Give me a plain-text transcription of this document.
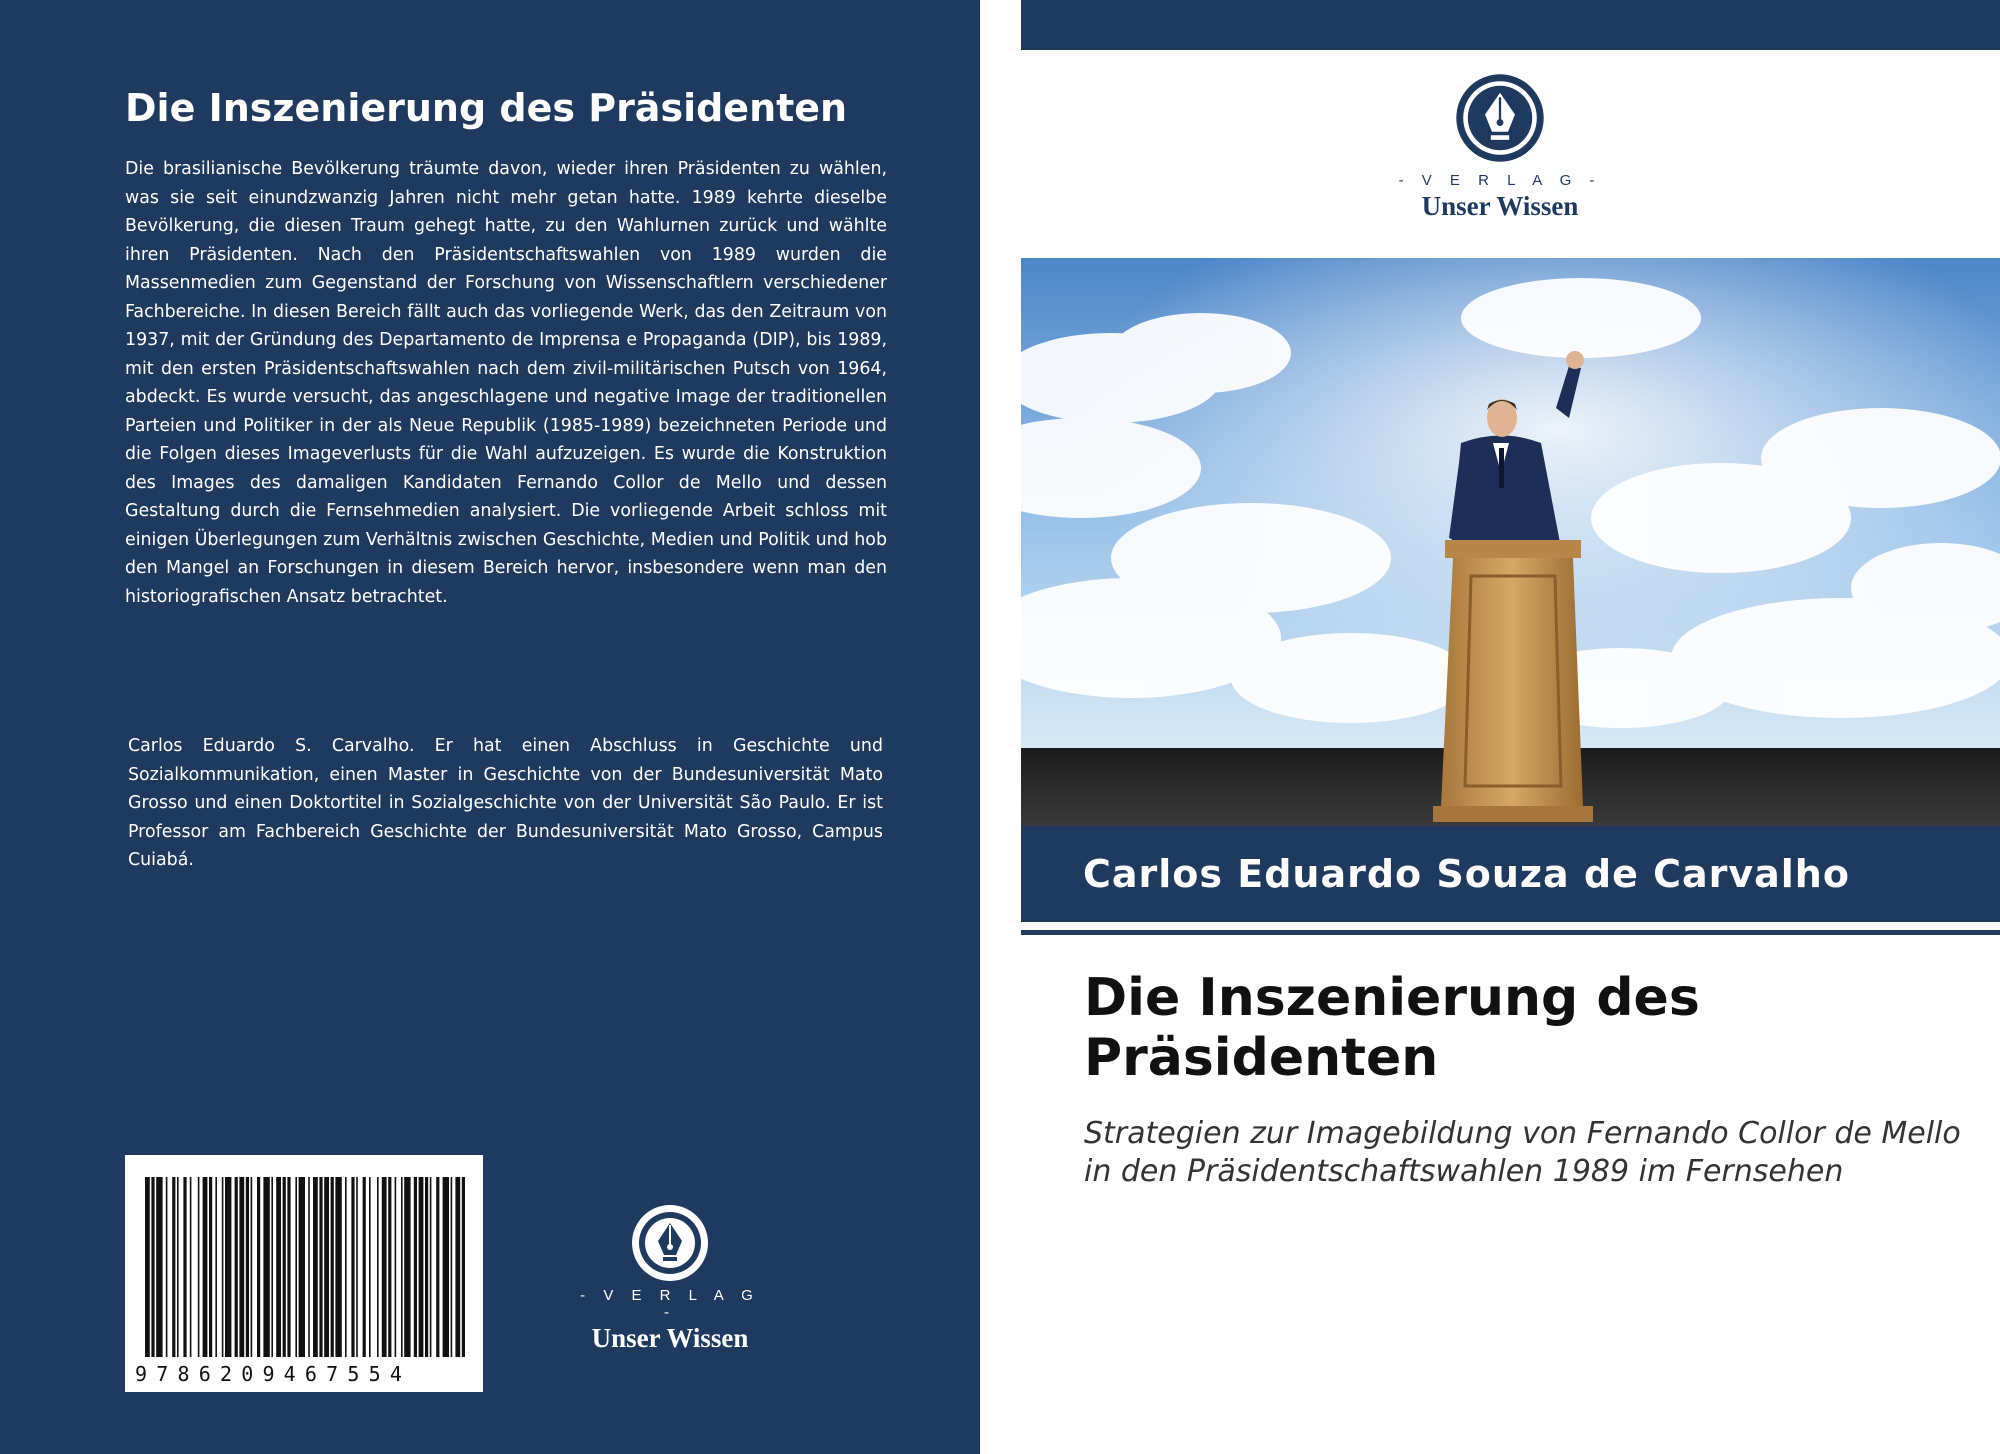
Die Inszenierung des Präsidenten

Die brasilianische Bevölkerung träumte davon, wieder ihren Präsidenten zu wählen, was sie seit einundzwanzig Jahren nicht mehr getan hatte. 1989 kehrte dieselbe Bevölkerung, die diesen Traum gehegt hatte, zu den Wahlurnen zurück und wählte ihren Präsidenten. Nach den Präsidentschaftswahlen von 1989 wurden die Massenmedien zum Gegenstand der Forschung von Wissenschaftlern verschiedener Fachbereiche. In diesen Bereich fällt auch das vorliegende Werk, das den Zeitraum von 1937, mit der Gründung des Departamento de Imprensa e Propaganda (DIP), bis 1989, mit den ersten Präsidentschaftswahlen nach dem zivil-militärischen Putsch von 1964, abdeckt. Es wurde versucht, das angeschlagene und negative Image der traditionellen Parteien und Politiker in der als Neue Republik (1985-1989) bezeichneten Periode und die Folgen dieses Imageverlusts für die Wahl aufzuzeigen. Es wurde die Konstruktion des Images des damaligen Kandidaten Fernando Collor de Mello und dessen Gestaltung durch die Fernsehmedien analysiert. Die vorliegende Arbeit schloss mit einigen Überlegungen zum Verhältnis zwischen Geschichte, Medien und Politik und hob den Mangel an Forschungen in diesem Bereich hervor, insbesondere wenn man den historiografischen Ansatz betrachtet.

Carlos Eduardo S. Carvalho. Er hat einen Abschluss in Geschichte und Sozialkommunikation, einen Master in Geschichte von der Bundesuniversität Mato Grosso und einen Doktortitel in Sozialgeschichte von der Universität São Paulo. Er ist Professor am Fachbereich Geschichte der Bundesuniversität Mato Grosso, Campus Cuiabá.

9786209467554
- V E R L A G -
Unser Wissen
- V E R L A G -
Unser Wissen
Carlos Eduardo Souza de Carvalho
Die Inszenierung des Präsidenten
Strategien zur Imagebildung von Fernando Collor de Mello in den Präsidentschaftswahlen 1989 im Fernsehen
